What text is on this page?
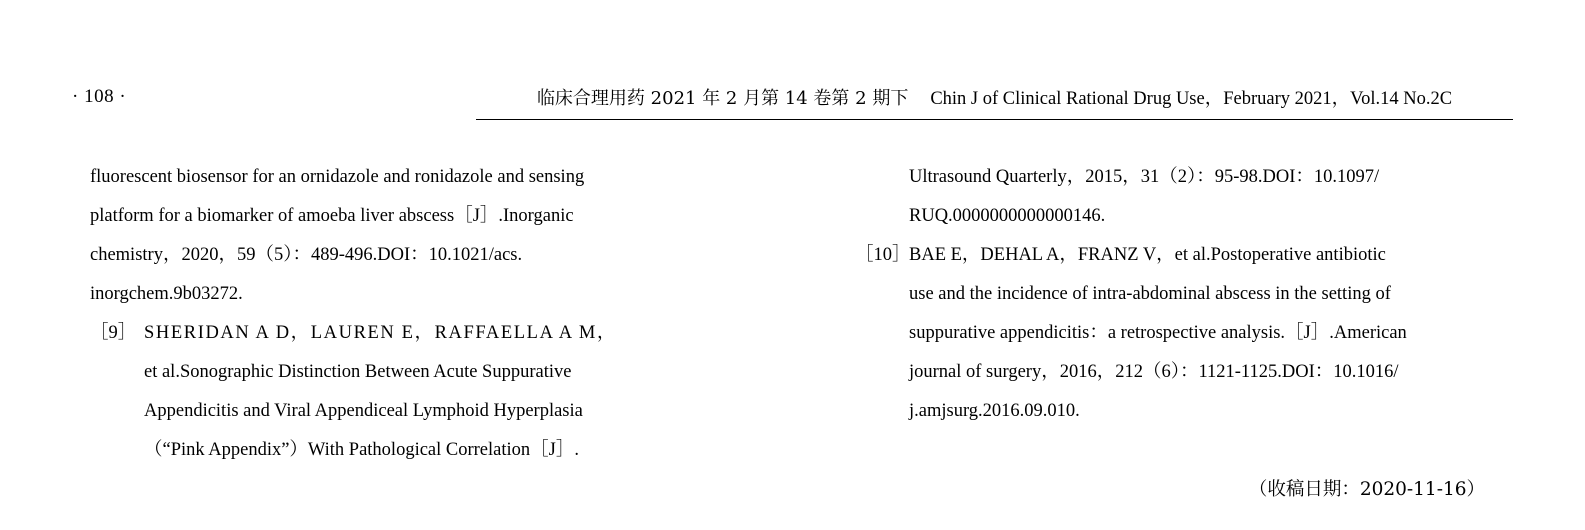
· 108 ·	临床合理用药 2021 年 2 月第 14 卷第 2 期下 Chin J of Clinical Rational Drug Use，February 2021，Vol.14 No.2C
fluorescent biosensor for an ornidazole and ronidazole and sensing
platform for a biomarker of amoeba liver abscess［J］.Inorganic
chemistry，2020，59（5）：489-496.DOI：10.1021/acs.
inorgchem.9b03272.
［9］ SHERIDAN A D，LAUREN E，RAFFAELLA A M，
et al.Sonographic Distinction Between Acute Suppurative
Appendicitis and Viral Appendiceal Lymphoid Hyperplasia
（“Pink Appendix”）With Pathological Correlation［J］.
Ultrasound Quarterly，2015，31（2）：95-98.DOI：10.1097/
RUQ.0000000000000146.
［10］
BAE E，DEHAL A，FRANZ V，et al.Postoperative antibiotic
use and the incidence of intra-abdominal abscess in the setting of
suppurative appendicitis：a retrospective analysis.［J］.American
journal of surgery，2016，212（6）：1121-1125.DOI：10.1016/
j.amjsurg.2016.09.010.
（收稿日期：2020-11-16）
